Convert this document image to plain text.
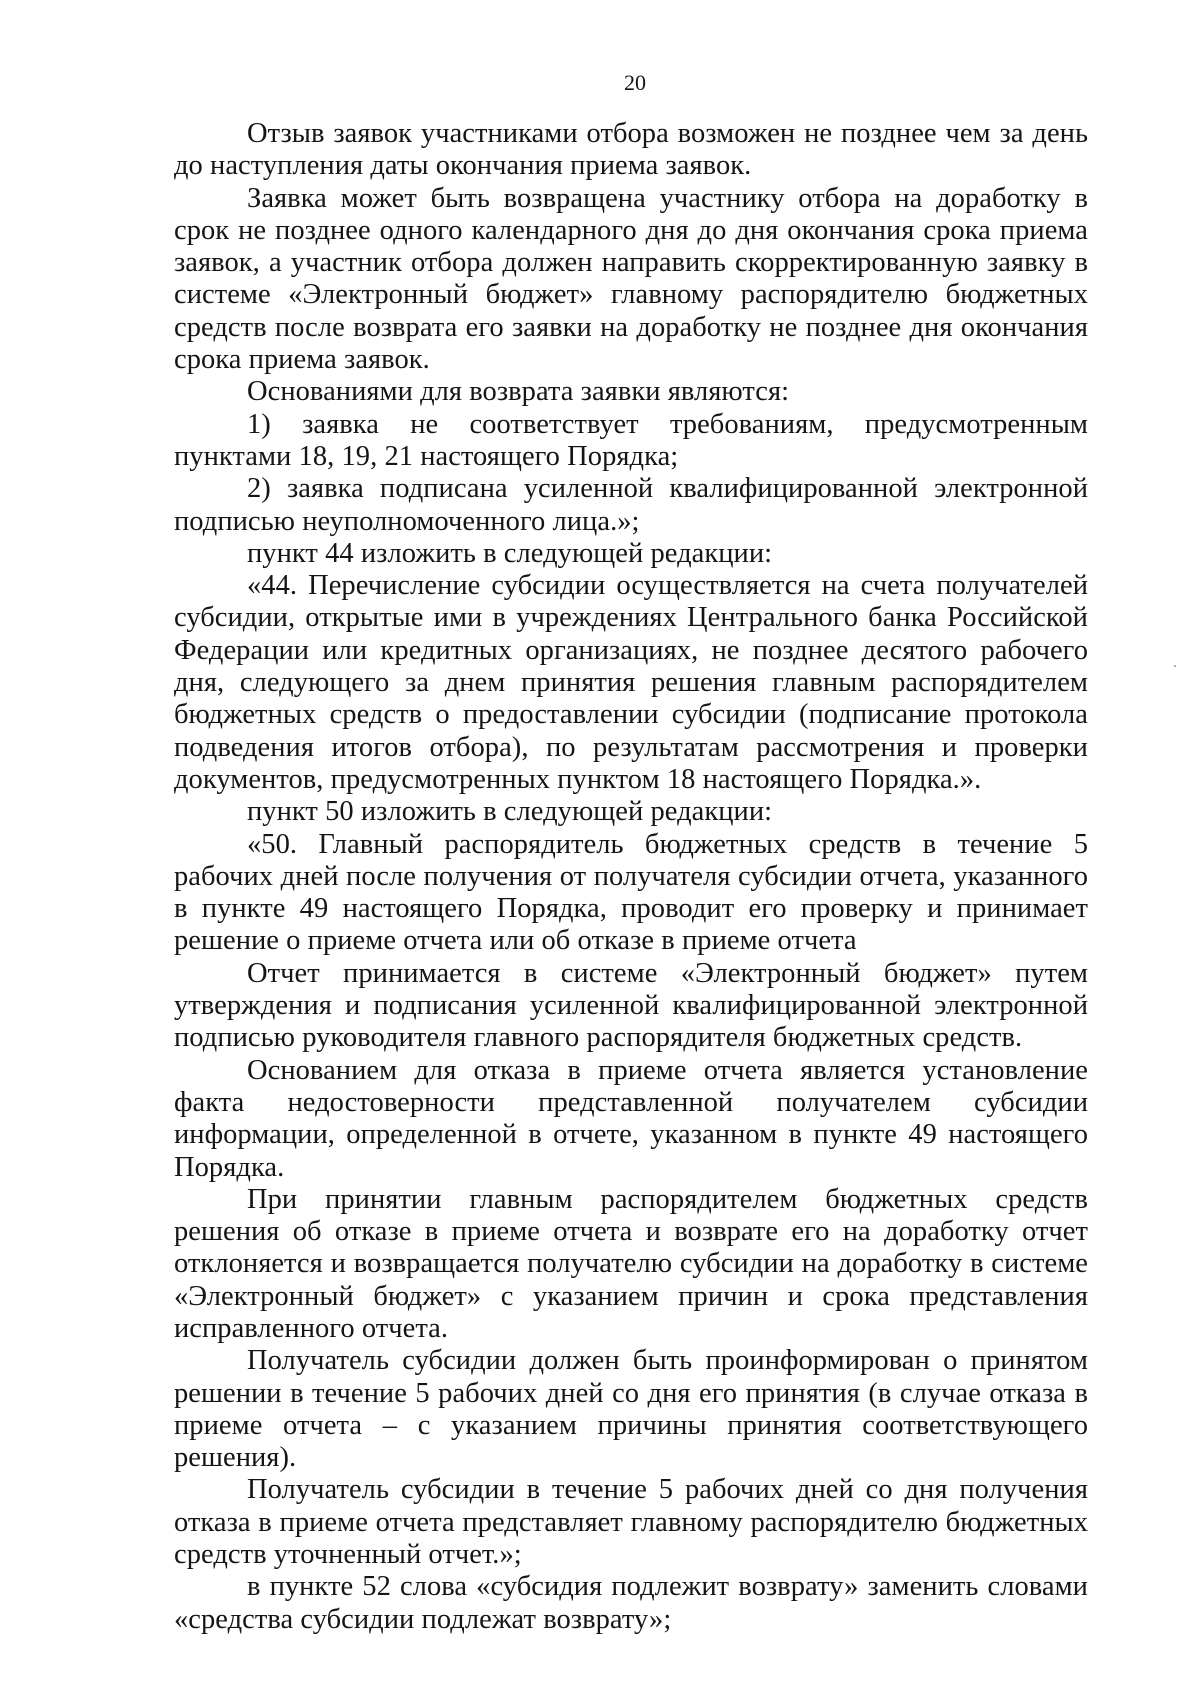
20

Отзыв заявок участниками отбора возможен не позднее чем за день до наступления даты окончания приема заявок.

Заявка может быть возвращена участнику отбора на доработку в срок не позднее одного календарного дня до дня окончания срока приема заявок, а участник отбора должен направить скорректированную заявку в системе «Электронный бюджет» главному распорядителю бюджетных средств после возврата его заявки на доработку не позднее дня окончания срока приема заявок.

Основаниями для возврата заявки являются:

1) заявка не соответствует требованиям, предусмотренным пунктами 18, 19, 21 настоящего Порядка;

2) заявка подписана усиленной квалифицированной электронной подписью неуполномоченного лица.»;

пункт 44 изложить в следующей редакции:

«44. Перечисление субсидии осуществляется на счета получателей субсидии, открытые ими в учреждениях Центрального банка Российской Федерации или кредитных организациях, не позднее десятого рабочего дня, следующего за днем принятия решения главным распорядителем бюджетных средств о предоставлении субсидии (подписание протокола подведения итогов отбора), по результатам рассмотрения и проверки документов, предусмотренных пунктом 18 настоящего Порядка.».

пункт 50 изложить в следующей редакции:

«50. Главный распорядитель бюджетных средств в течение 5 рабочих дней после получения от получателя субсидии отчета, указанного в пункте 49 настоящего Порядка, проводит его проверку и принимает решение о приеме отчета или об отказе в приеме отчета

Отчет принимается в системе «Электронный бюджет» путем утверждения и подписания усиленной квалифицированной электронной подписью руководителя главного распорядителя бюджетных средств.

Основанием для отказа в приеме отчета является установление факта недостоверности представленной получателем субсидии информации, определенной в отчете, указанном в пункте 49 настоящего Порядка.

При принятии главным распорядителем бюджетных средств решения об отказе в приеме отчета и возврате его на доработку отчет отклоняется и возвращается получателю субсидии на доработку в системе «Электронный бюджет» с указанием причин и срока представления исправленного отчета.

Получатель субсидии должен быть проинформирован о принятом решении в течение 5 рабочих дней со дня его принятия (в случае отказа в приеме отчета – с указанием причины принятия соответствующего решения).

Получатель субсидии в течение 5 рабочих дней со дня получения отказа в приеме отчета представляет главному распорядителю бюджетных средств уточненный отчет.»;

в пункте 52 слова «субсидия подлежит возврату» заменить словами «средства субсидии подлежат возврату»;
